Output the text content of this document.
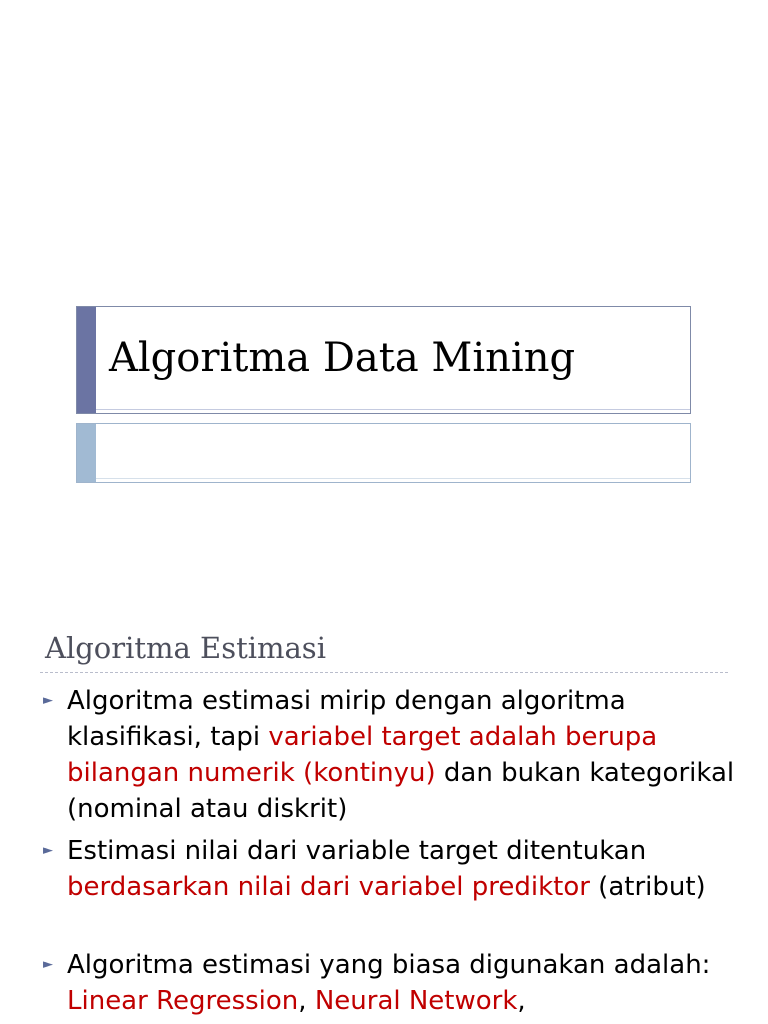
Algoritma Data Mining
Algoritma Estimasi
► Algoritma estimasi mirip dengan algoritma klasifikasi, tapi variabel target adalah berupa bilangan numerik (kontinyu) dan bukan kategorikal (nominal atau diskrit)
► Estimasi nilai dari variable target ditentukan berdasarkan nilai dari variabel prediktor (atribut)
► Algoritma estimasi yang biasa digunakan adalah: Linear Regression, Neural Network,
